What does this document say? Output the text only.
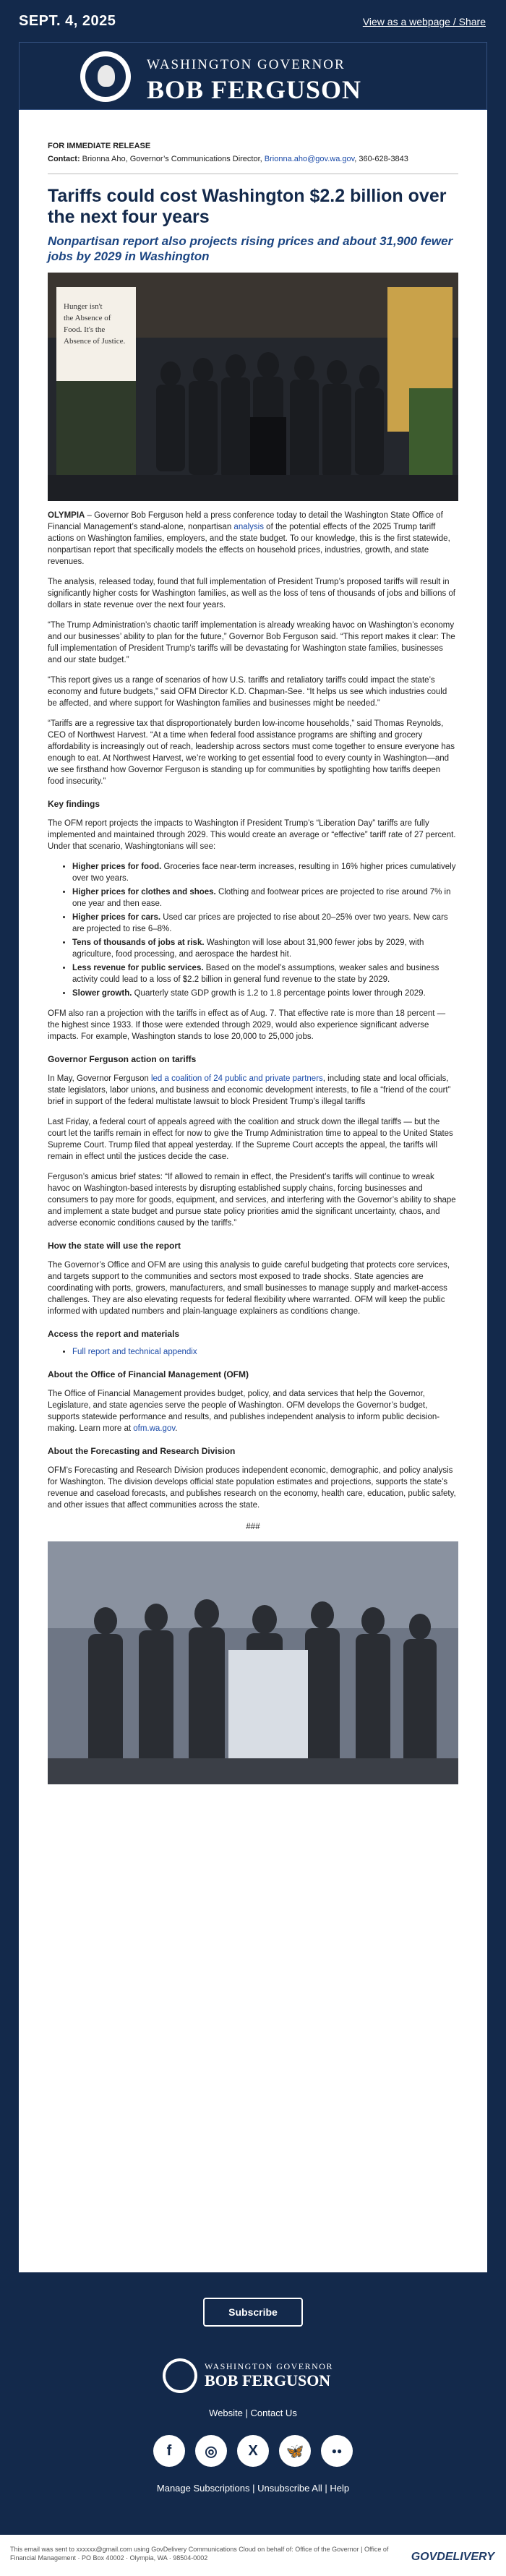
SEPT. 4, 2025	View as a webpage / Share
WASHINGTON GOVERNOR
BOB FERGUSON
FOR IMMEDIATE RELEASE
Contact: Brionna Aho, Governor’s Communications Director, Brionna.aho@gov.wa.gov, 360-628-3843
Tariffs could cost Washington $2.2 billion over the next four years
Nonpartisan report also projects rising prices and about 31,900 fewer jobs by 2029 in Washington
Hunger isn't
the Absence of
Food. It's the
Absence of Justice.

OLYMPIA – Governor Bob Ferguson held a press conference today to detail the Washington State Office of Financial Management’s stand-alone, nonpartisan analysis of the potential effects of the 2025 Trump tariff actions on Washington families, employers, and the state budget. To our knowledge, this is the first statewide, nonpartisan report that specifically models the effects on household prices, industries, growth, and state revenues.

The analysis, released today, found that full implementation of President Trump’s proposed tariffs will result in significantly higher costs for Washington families, as well as the loss of tens of thousands of jobs and billions of dollars in state revenue over the next four years.

“The Trump Administration’s chaotic tariff implementation is already wreaking havoc on Washington’s economy and our businesses’ ability to plan for the future,” Governor Bob Ferguson said. “This report makes it clear: The full implementation of President Trump’s tariffs will be devastating for Washington state families, businesses and our state budget.”

“This report gives us a range of scenarios of how U.S. tariffs and retaliatory tariffs could impact the state’s economy and future budgets,” said OFM Director K.D. Chapman-See. “It helps us see which industries could be affected, and where support for Washington families and businesses might be needed.”

“Tariffs are a regressive tax that disproportionately burden low-income households,” said Thomas Reynolds, CEO of Northwest Harvest. “At a time when federal food assistance programs are shifting and grocery affordability is increasingly out of reach, leadership across sectors must come together to ensure everyone has enough to eat. At Northwest Harvest, we’re working to get essential food to every county in Washington—and we see firsthand how Governor Ferguson is standing up for communities by spotlighting how tariffs deepen food insecurity.”

Key findings

The OFM report projects the impacts to Washington if President Trump’s “Liberation Day” tariffs are fully implemented and maintained through 2029. This would create an average or “effective” tariff rate of 27 percent. Under that scenario, Washingtonians will see:

• Higher prices for food. Groceries face near-term increases, resulting in 16% higher prices cumulatively over two years.
• Higher prices for clothes and shoes. Clothing and footwear prices are projected to rise around 7% in one year and then ease.
• Higher prices for cars. Used car prices are projected to rise about 20–25% over two years. New cars are projected to rise 6–8%.
• Tens of thousands of jobs at risk. Washington will lose about 31,900 fewer jobs by 2029, with agriculture, food processing, and aerospace the hardest hit.
• Less revenue for public services. Based on the model’s assumptions, weaker sales and business activity could lead to a loss of $2.2 billion in general fund revenue to the state by 2029.
• Slower growth. Quarterly state GDP growth is 1.2 to 1.8 percentage points lower through 2029.

OFM also ran a projection with the tariffs in effect as of Aug. 7. That effective rate is more than 18 percent — the highest since 1933. If those were extended through 2029, would also experience significant adverse impacts. For example, Washington stands to lose 20,000 to 25,000 jobs.

Governor Ferguson action on tariffs

In May, Governor Ferguson led a coalition of 24 public and private partners, including state and local officials, state legislators, labor unions, and business and economic development interests, to file a “friend of the court” brief in support of the federal multistate lawsuit to block President Trump’s illegal tariffs

Last Friday, a federal court of appeals agreed with the coalition and struck down the illegal tariffs — but the court let the tariffs remain in effect for now to give the Trump Administration time to appeal to the United States Supreme Court. Trump filed that appeal yesterday. If the Supreme Court accepts the appeal, the tariffs will remain in effect until the justices decide the case.

Ferguson’s amicus brief states: “If allowed to remain in effect, the President’s tariffs will continue to wreak havoc on Washington-based interests by disrupting established supply chains, forcing businesses and consumers to pay more for goods, equipment, and services, and interfering with the Governor’s ability to shape and implement a state budget and pursue state policy priorities amid the significant uncertainty, chaos, and adverse economic conditions caused by the tariffs.”

How the state will use the report

The Governor’s Office and OFM are using this analysis to guide careful budgeting that protects core services, and targets support to the communities and sectors most exposed to trade shocks. State agencies are coordinating with ports, growers, manufacturers, and small businesses to manage supply and market-access challenges. They are also elevating requests for federal flexibility where warranted. OFM will keep the public informed with updated numbers and plain-language explainers as conditions change.

Access the report and materials
• Full report and technical appendix
About the Office of Financial Management (OFM)

The Office of Financial Management provides budget, policy, and data services that help the Governor, Legislature, and state agencies serve the people of Washington. OFM develops the Governor’s budget, supports statewide performance and results, and publishes independent analysis to inform public decision-making. Learn more at ofm.wa.gov.

About the Forecasting and Research Division

OFM’s Forecasting and Research Division produces independent economic, demographic, and policy analysis for Washington. The division develops official state population estimates and projections, supports the state’s revenue and caseload forecasts, and publishes research on the economy, health care, education, public safety, and other issues that affect communities across the state.

###
Subscribe
WASHINGTON GOVERNOR
BOB FERGUSON
Website | Contact Us
f	◎	X	🦋	●●
Manage Subscriptions | Unsubscribe All | Help
This email was sent to xxxxxx@gmail.com using GovDelivery Communications Cloud on behalf of: Office of the Governor | Office of Financial Management · PO Box 40002 · Olympia, WA · 98504-0002	GOVDELIVERY
